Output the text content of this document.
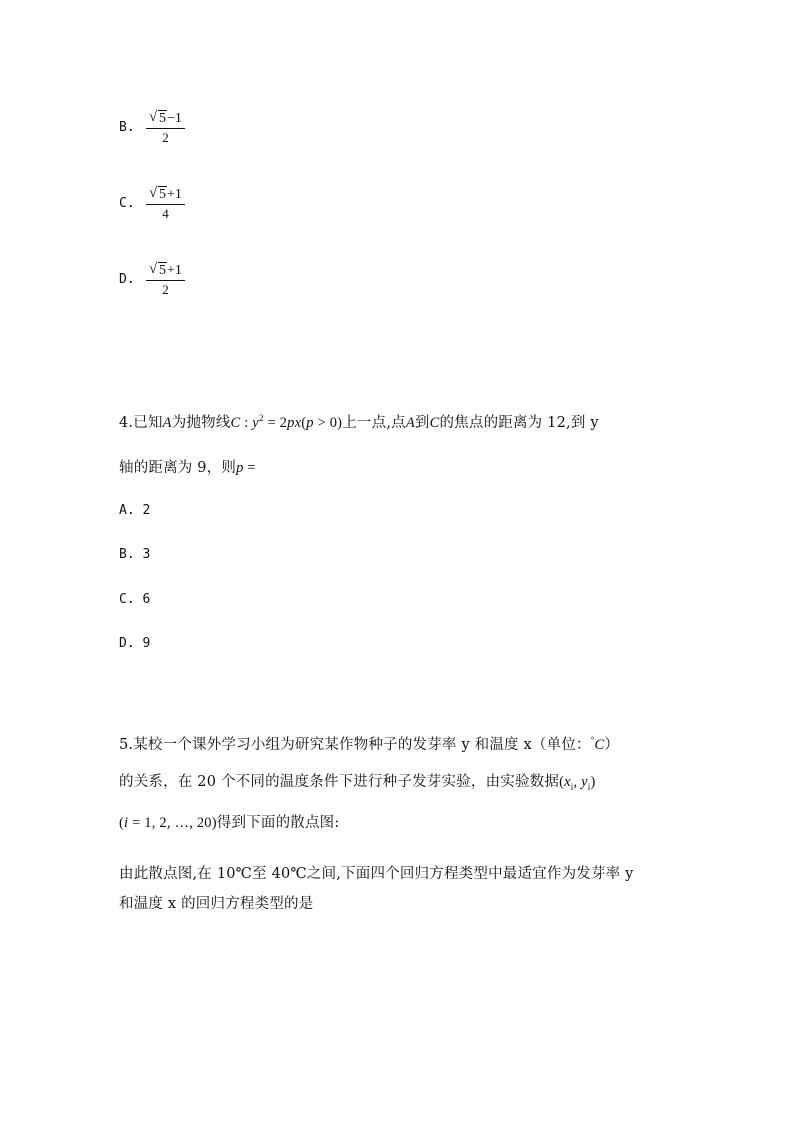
B.
√ 5−1
2
C.
√ 5+1
4
D.
√ 5+1
2
4.已知A为抛物线C : $y^2 = 2px(p > 0)$上一点,点A到C的焦点的距离为 12,到 y
轴的距离为 9，则p =
A. 2
B. 3
C. 6
D. 9
5.某校一个课外学习小组为研究某作物种子的发芽率 y 和温度 x（单位：°C）
的关系，在 20 个不同的温度条件下进行种子发芽实验，由实验数据($x_i$, $y_i$)
(i = 1, 2, …, 20)得到下面的散点图:
由此散点图,在 10℃至 40℃之间,下面四个回归方程类型中最适宜作为发芽率 y
和温度 x 的回归方程类型的是
